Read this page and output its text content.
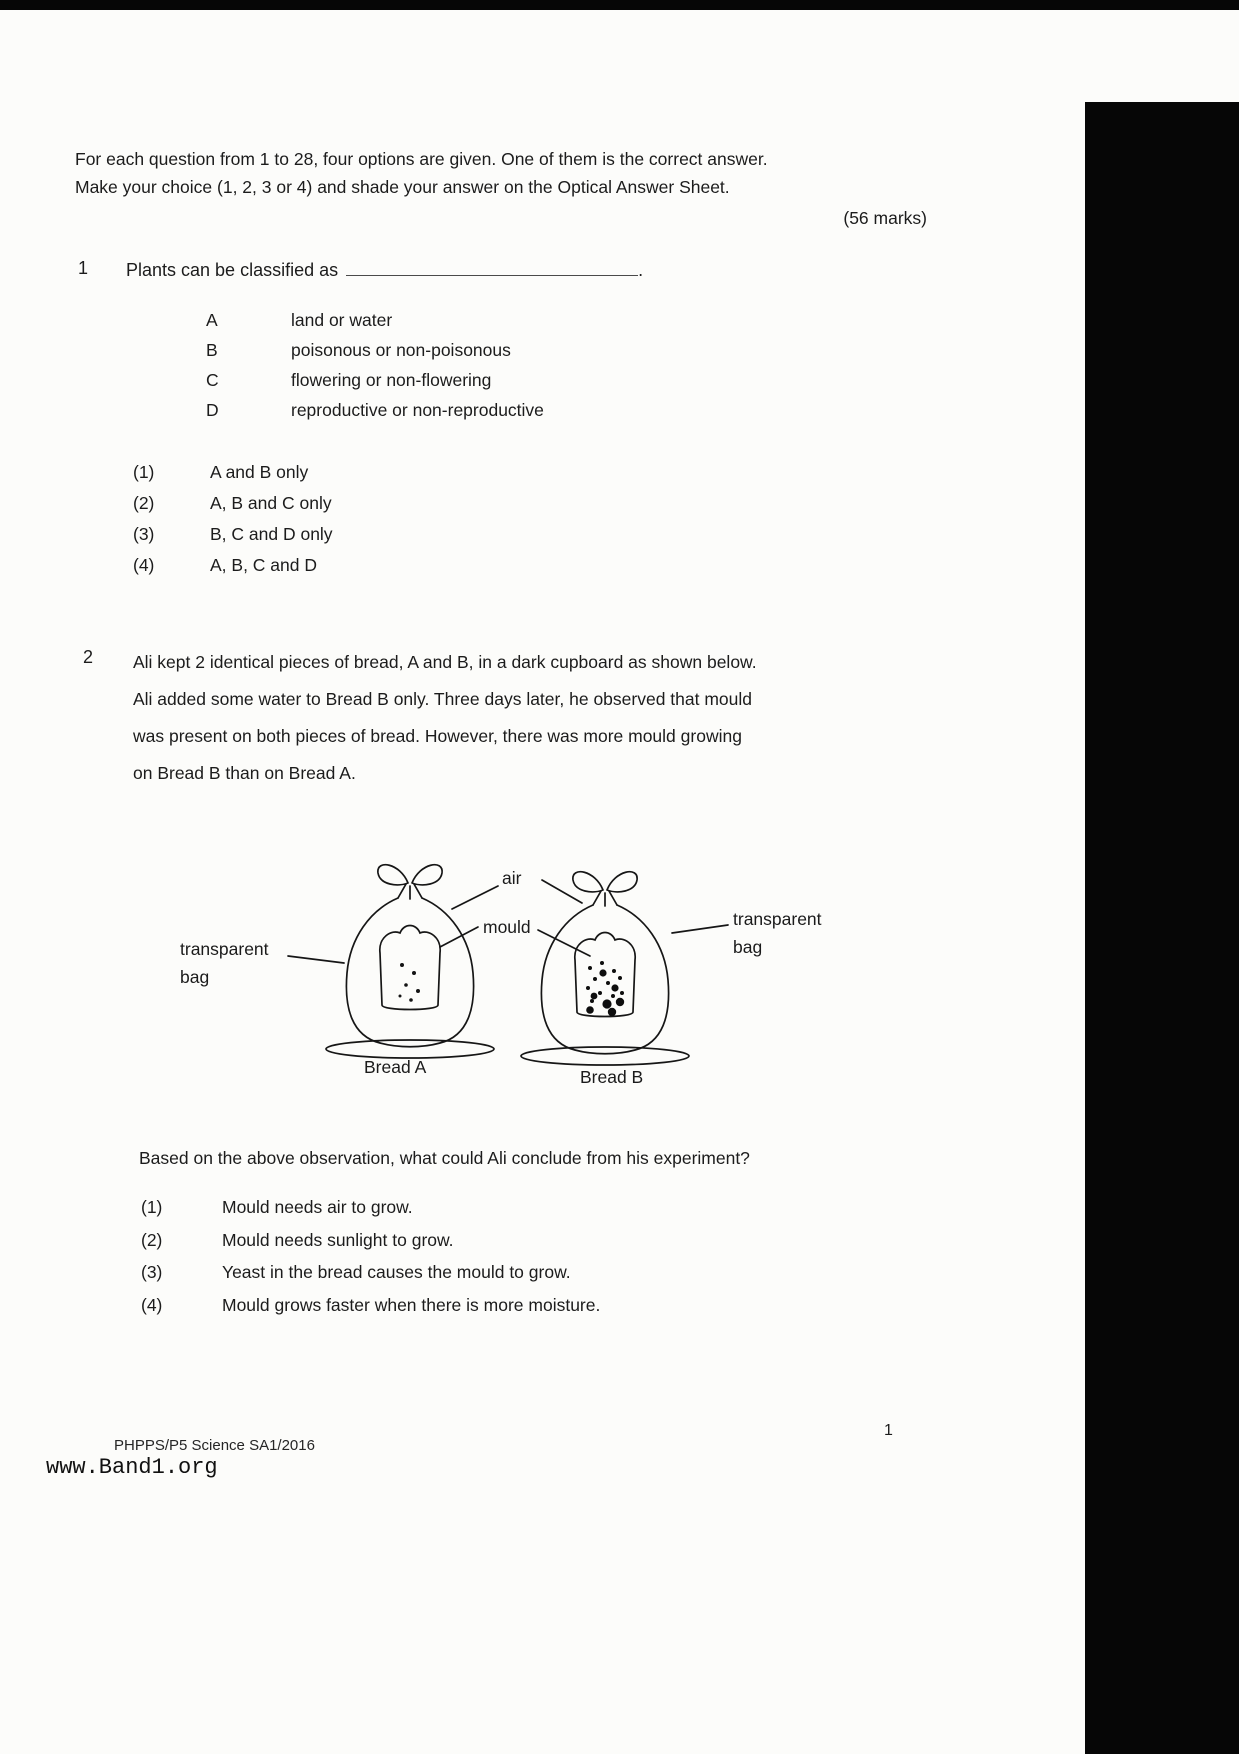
For each question from 1 to 28, four options are given. One of them is the correct answer.
Make your choice (1, 2, 3 or 4) and shade your answer on the Optical Answer Sheet.
(56 marks)
1 Plants can be classified as	.
A	land or water
B	poisonous or non-poisonous
C	flowering or non-flowering
D	reproductive or non-reproductive
(1)	A and B only
(2)	A, B and C only
(3)	B, C and D only
(4)	A, B, C and D
2 Ali kept 2 identical pieces of bread, A and B, in a dark cupboard as shown below.
Ali added some water to Bread B only. Three days later, he observed that mould
was present on both pieces of bread. However, there was more mould growing
on Bread B than on Bread A.
air
mould
transparent
bag
transparent
bag
Bread A	Bread B
Based on the above observation, what could Ali conclude from his experiment?
(1)	Mould needs air to grow.
(2)	Mould needs sunlight to grow.
(3)	Yeast in the bread causes the mould to grow.
(4)	Mould grows faster when there is more moisture.
PHPPS/P5 Science SA1/2016
1
www.Band1.org
